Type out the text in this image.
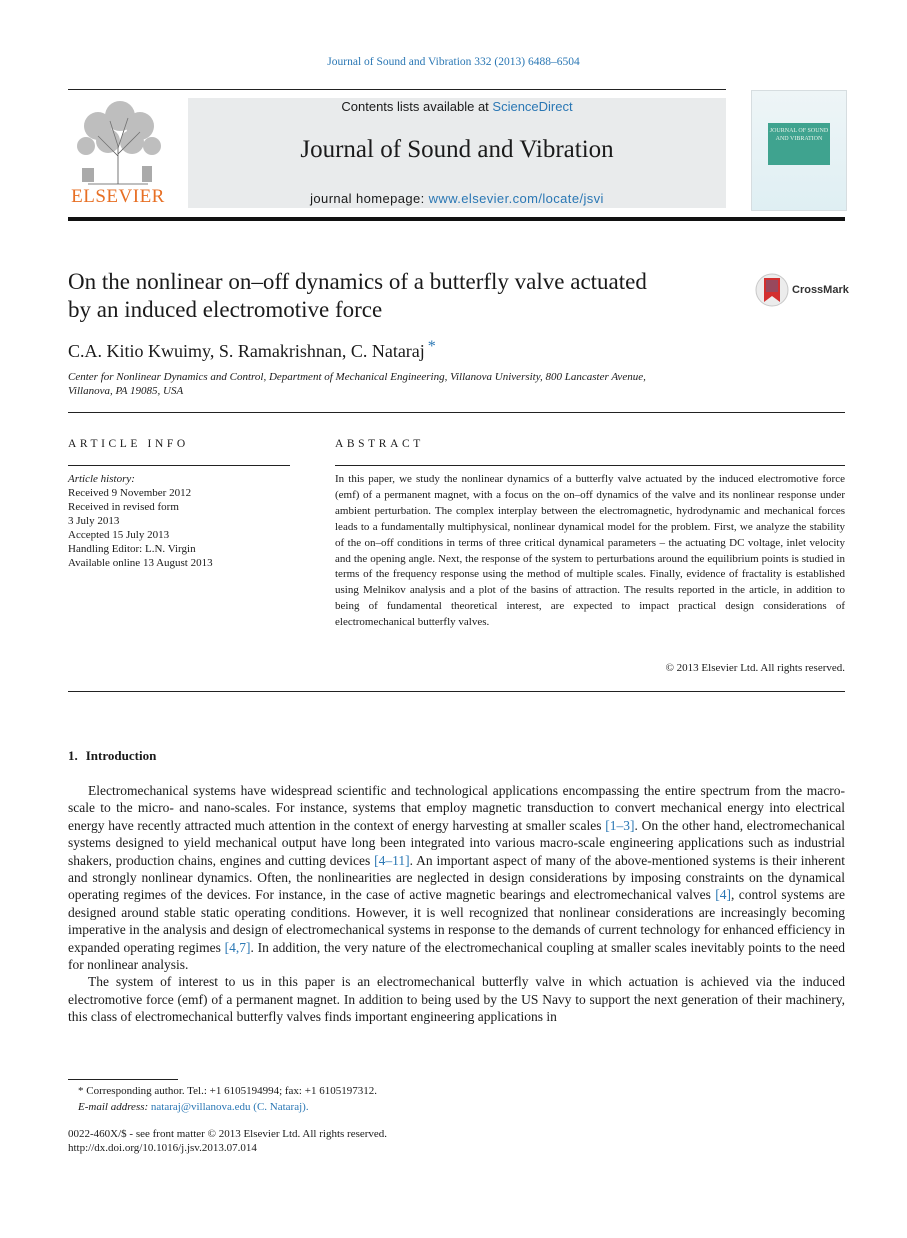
Journal of Sound and Vibration 332 (2013) 6488–6504
ELSEVIER
Contents lists available at ScienceDirect
Journal of Sound and Vibration
journal homepage: www.elsevier.com/locate/jsvi
JOURNAL OF SOUND AND VIBRATION
On the nonlinear on–off dynamics of a butterfly valve actuated
by an induced electromotive force
CrossMark
C.A. Kitio Kwuimy, S. Ramakrishnan, C. Nataraj *
Center for Nonlinear Dynamics and Control, Department of Mechanical Engineering, Villanova University, 800 Lancaster Avenue,
Villanova, PA 19085, USA
ARTICLE INFO	ABSTRACT
Article history:
Received 9 November 2012
Received in revised form
3 July 2013
Accepted 15 July 2013
Handling Editor: L.N. Virgin
Available online 13 August 2013
In this paper, we study the nonlinear dynamics of a butterfly valve actuated by the induced electromotive force (emf) of a permanent magnet, with a focus on the on–off dynamics of the valve and its nonlinear response under ambient perturbation. The complex interplay between the electromagnetic, hydrodynamic and mechanical forces leads to a fundamentally multiphysical, nonlinear dynamical model for the problem. First, we analyze the stability of the on–off conditions in terms of three critical dynamical parameters – the actuating DC voltage, inlet velocity and the opening angle. Next, the response of the system to perturbations around the equilibrium points is studied in terms of the frequency response using the method of multiple scales. Finally, evidence of fractality is established using Melnikov analysis and a plot of the basins of attraction. The results reported in the article, in addition to being of fundamental theoretical interest, are expected to impact practical design considerations of electromechanical butterfly valves.
© 2013 Elsevier Ltd. All rights reserved.
1. Introduction

Electromechanical systems have widespread scientific and technological applications encompassing the entire spectrum from the macro-scale to the micro- and nano-scales. For instance, systems that employ magnetic transduction to convert mechanical energy into electrical energy have recently attracted much attention in the context of energy harvesting at smaller scales [1–3]. On the other hand, electromechanical systems designed to yield mechanical output have long been integrated into various macro-scale engineering applications such as industrial shakers, production chains, engines and cutting devices [4–11]. An important aspect of many of the above-mentioned systems is their inherent and strongly nonlinear dynamics. Often, the nonlinearities are neglected in design considerations by imposing constraints on the dynamical operating regimes of the devices. For instance, in the case of active magnetic bearings and electromechanical valves [4], control systems are designed around stable static operating conditions. However, it is well recognized that nonlinear considerations are increasingly becoming imperative in the analysis and design of electromechanical systems in response to the demands of current technology for enhanced efficiency in expanded operating regimes [4,7]. In addition, the very nature of the electromechanical coupling at smaller scales inevitably points to the need for nonlinear analysis.

The system of interest to us in this paper is an electromechanical butterfly valve in which actuation is achieved via the induced electromotive force (emf) of a permanent magnet. In addition to being used by the US Navy to support the next generation of their machinery, this class of electromechanical butterfly valves finds important engineering applications in

* Corresponding author. Tel.: +1 6105194994; fax: +1 6105197312.
E-mail address: nataraj@villanova.edu (C. Nataraj).
0022-460X/$ - see front matter © 2013 Elsevier Ltd. All rights reserved.
http://dx.doi.org/10.1016/j.jsv.2013.07.014
